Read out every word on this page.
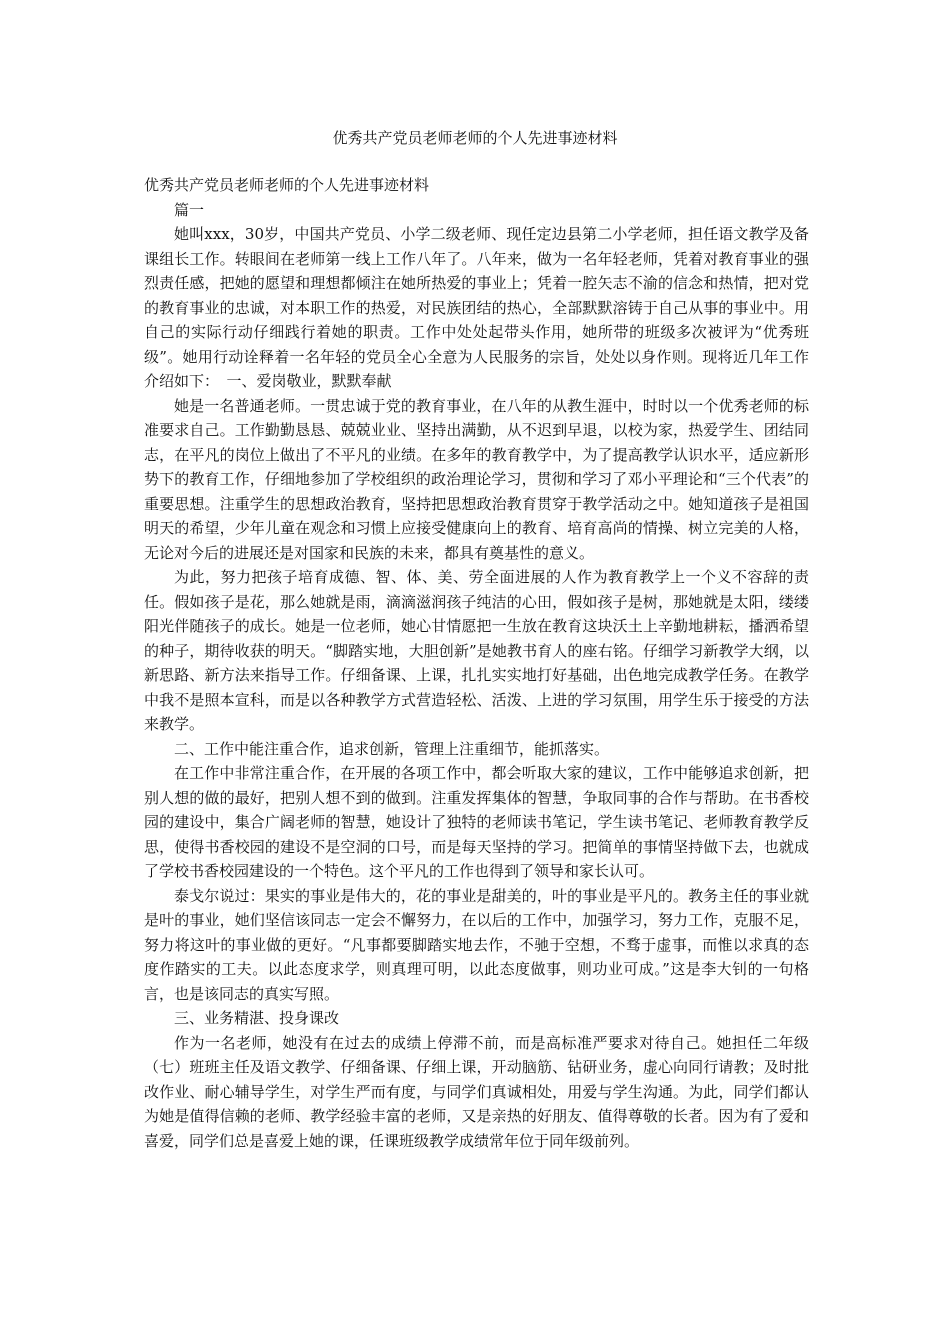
优秀共产党员老师老师的个人先进事迹材料

优秀共产党员老师老师的个人先进事迹材料

篇一

她叫xxx，30岁，中国共产党员、小学二级老师、现任定边县第二小学老师，担任语文教学及备课组长工作。转眼间在老师第一线上工作八年了。八年来，做为一名年轻老师，凭着对教育事业的强烈责任感，把她的愿望和理想都倾注在她所热爱的事业上；凭着一腔矢志不渝的信念和热情，把对党的教育事业的忠诚，对本职工作的热爱，对民族团结的热心，全部默默溶铸于自己从事的事业中。用自己的实际行动仔细践行着她的职责。工作中处处起带头作用，她所带的班级多次被评为“优秀班级”。她用行动诠释着一名年轻的党员全心全意为人民服务的宗旨，处处以身作则。现将近几年工作介绍如下：　一、爱岗敬业，默默奉献

她是一名普通老师。一贯忠诚于党的教育事业，在八年的从教生涯中，时时以一个优秀老师的标准要求自己。工作勤勤恳恳、兢兢业业、坚持出满勤，从不迟到早退，以校为家，热爱学生、团结同志，在平凡的岗位上做出了不平凡的业绩。在多年的教育教学中，为了提高教学认识水平，适应新形势下的教育工作，仔细地参加了学校组织的政治理论学习，贯彻和学习了邓小平理论和“三个代表”的重要思想。注重学生的思想政治教育，坚持把思想政治教育贯穿于教学活动之中。她知道孩子是祖国明天的希望，少年儿童在观念和习惯上应接受健康向上的教育、培育高尚的情操、树立完美的人格，无论对今后的进展还是对国家和民族的未来，都具有奠基性的意义。

为此，努力把孩子培育成德、智、体、美、劳全面进展的人作为教育教学上一个义不容辞的责任。假如孩子是花，那么她就是雨，滴滴滋润孩子纯洁的心田，假如孩子是树，那她就是太阳，缕缕阳光伴随孩子的成长。她是一位老师，她心甘情愿把一生放在教育这块沃土上辛勤地耕耘，播洒希望的种子，期待收获的明天。“脚踏实地，大胆创新”是她教书育人的座右铭。仔细学习新教学大纲，以新思路、新方法来指导工作。仔细备课、上课，扎扎实实地打好基础，出色地完成教学任务。在教学中我不是照本宣科，而是以各种教学方式营造轻松、活泼、上进的学习氛围，用学生乐于接受的方法来教学。

二、工作中能注重合作，追求创新，管理上注重细节，能抓落实。

在工作中非常注重合作，在开展的各项工作中，都会听取大家的建议，工作中能够追求创新，把别人想的做的最好，把别人想不到的做到。注重发挥集体的智慧，争取同事的合作与帮助。在书香校园的建设中，集合广阔老师的智慧，她设计了独特的老师读书笔记，学生读书笔记、老师教育教学反思，使得书香校园的建设不是空洞的口号，而是每天坚持的学习。把简单的事情坚持做下去，也就成了学校书香校园建设的一个特色。这个平凡的工作也得到了领导和家长认可。

泰戈尔说过：果实的事业是伟大的，花的事业是甜美的，叶的事业是平凡的。教务主任的事业就是叶的事业，她们坚信该同志一定会不懈努力，在以后的工作中，加强学习，努力工作，克服不足，努力将这叶的事业做的更好。“凡事都要脚踏实地去作，不驰于空想，不骛于虚事，而惟以求真的态度作踏实的工夫。以此态度求学，则真理可明，以此态度做事，则功业可成。”这是李大钊的一句格言，也是该同志的真实写照。

三、业务精湛、投身课改

作为一名老师，她没有在过去的成绩上停滞不前，而是高标准严要求对待自己。她担任二年级（七）班班主任及语文教学、仔细备课、仔细上课，开动脑筋、钻研业务，虚心向同行请教；及时批改作业、耐心辅导学生，对学生严而有度，与同学们真诚相处，用爱与学生沟通。为此，同学们都认为她是值得信赖的老师、教学经验丰富的老师，又是亲热的好朋友、值得尊敬的长者。因为有了爱和喜爱，同学们总是喜爱上她的课，任课班级教学成绩常年位于同年级前列。
